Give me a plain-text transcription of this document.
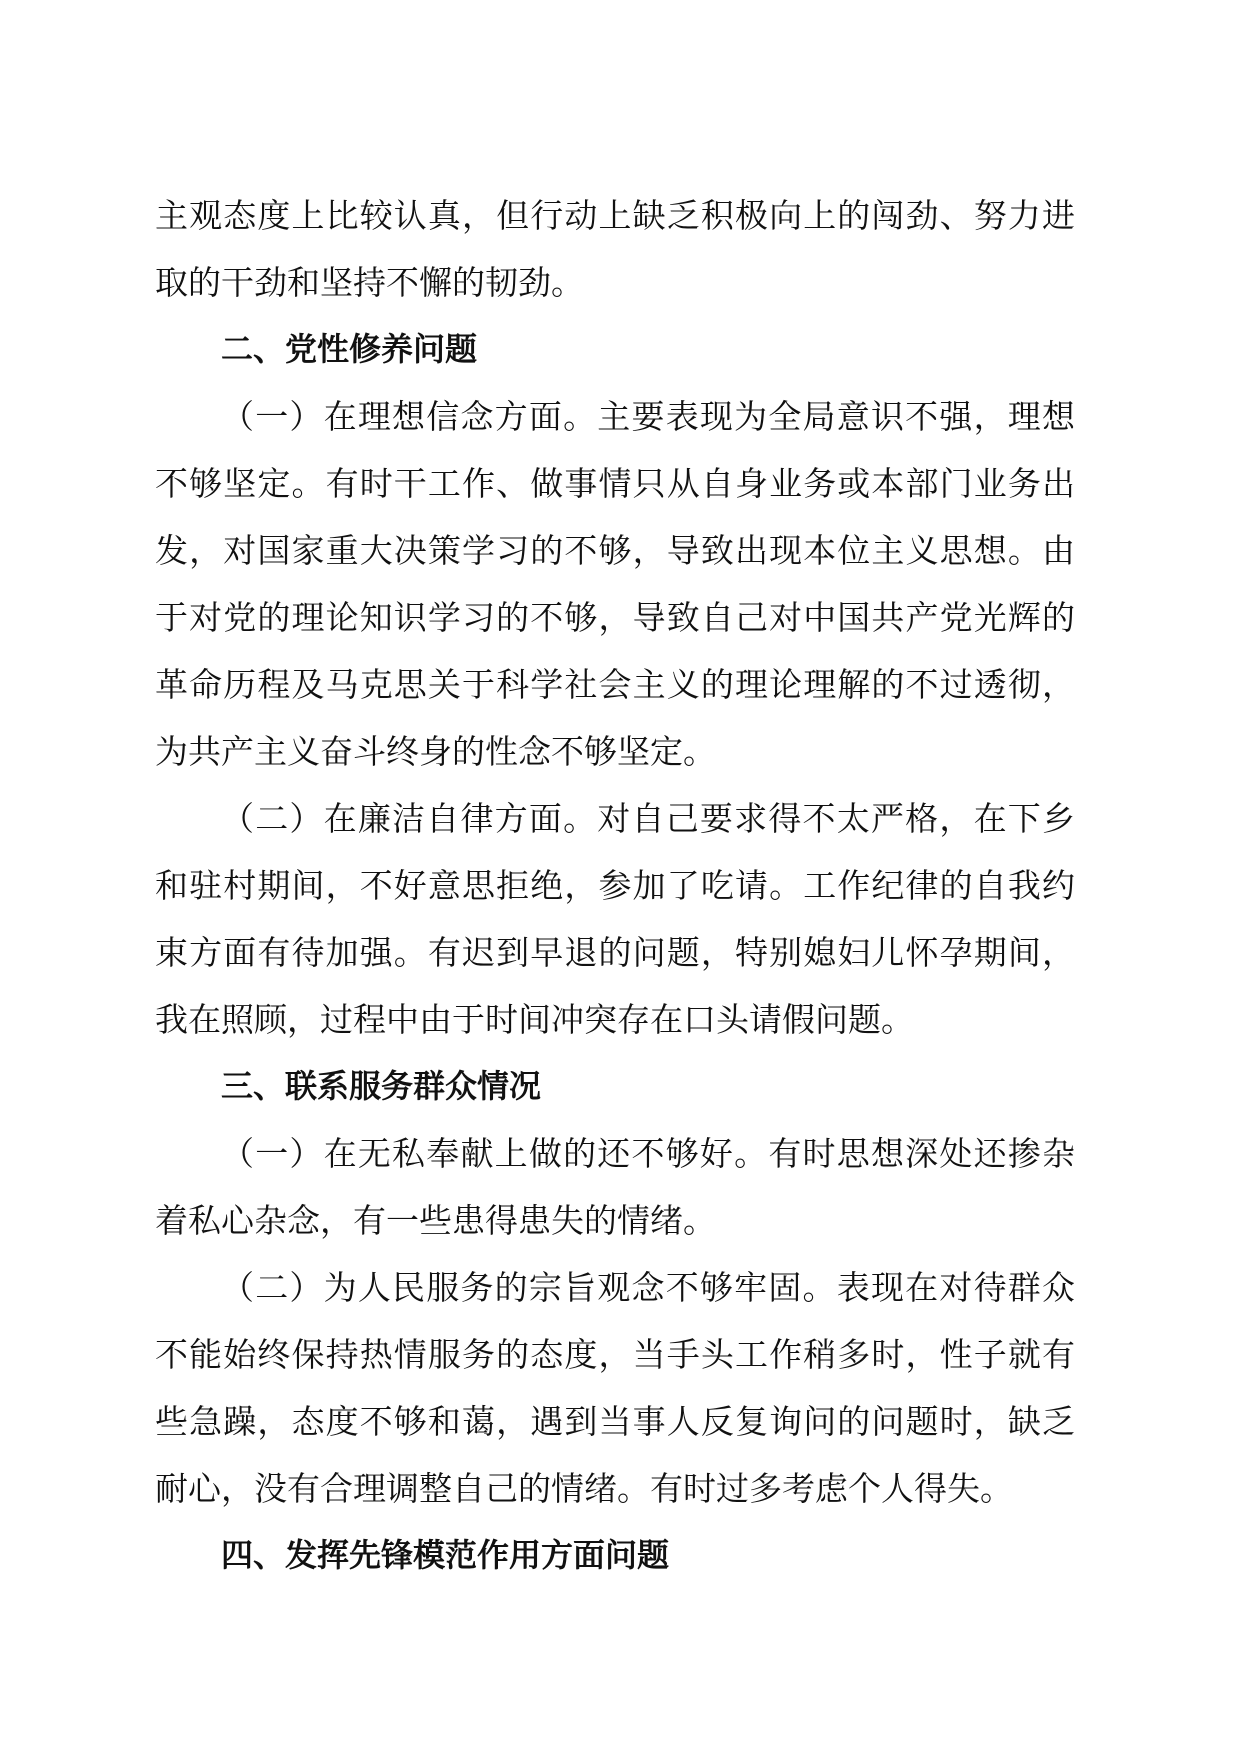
主观态度上比较认真，但行动上缺乏积极向上的闯劲、努力进取的干劲和坚持不懈的韧劲。

二、党性修养问题

（一）在理想信念方面。主要表现为全局意识不强，理想不够坚定。有时干工作、做事情只从自身业务或本部门业务出发，对国家重大决策学习的不够，导致出现本位主义思想。由于对党的理论知识学习的不够，导致自己对中国共产党光辉的革命历程及马克思关于科学社会主义的理论理解的不过透彻，为共产主义奋斗终身的性念不够坚定。

（二）在廉洁自律方面。对自己要求得不太严格，在下乡和驻村期间，不好意思拒绝，参加了吃请。工作纪律的自我约束方面有待加强。有迟到早退的问题，特别媳妇儿怀孕期间，我在照顾，过程中由于时间冲突存在口头请假问题。

三、联系服务群众情况

（一）在无私奉献上做的还不够好。有时思想深处还掺杂着私心杂念，有一些患得患失的情绪。

（二）为人民服务的宗旨观念不够牢固。表现在对待群众不能始终保持热情服务的态度，当手头工作稍多时，性子就有些急躁，态度不够和蔼，遇到当事人反复询问的问题时，缺乏耐心，没有合理调整自己的情绪。有时过多考虑个人得失。

四、发挥先锋模范作用方面问题
